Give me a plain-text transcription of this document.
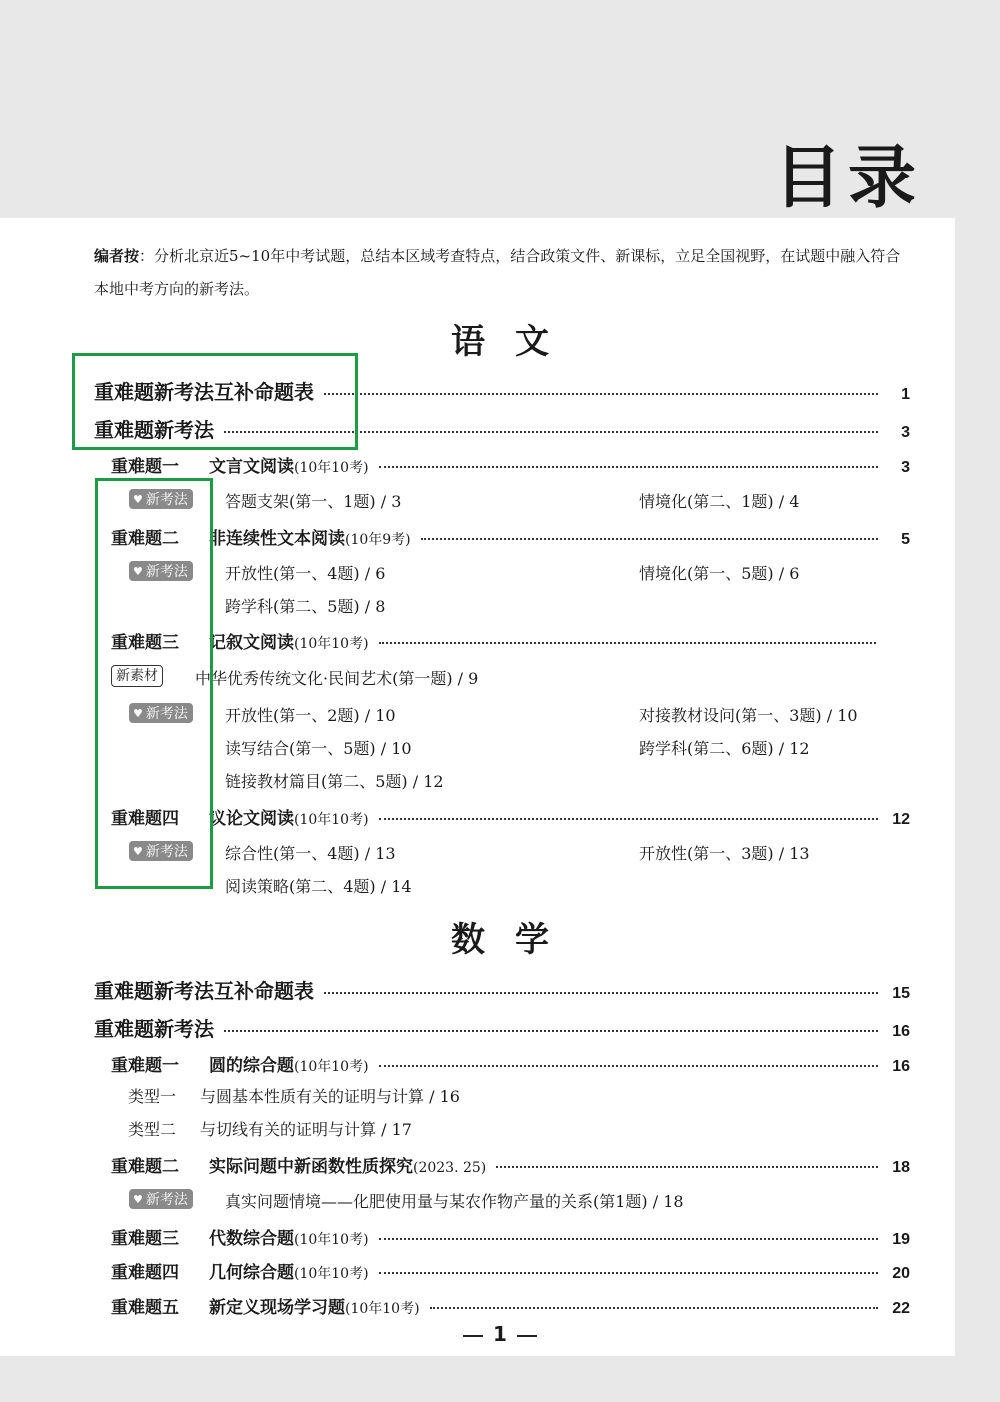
目录
编者按：分析北京近5~10年中考试题，总结本区域考查特点，结合政策文件、新课标，立足全国视野，在试题中融入符合本地中考方向的新考法。
语文
重难题新考法互补命题表	1
重难题新考法	3
重难题一	文言文阅读 (10年10考)	3
♥ 新考法 答题支架(第一、1题) / 3	情境化(第二、1题) / 4
重难题二	非连续性文本阅读 (10年9考)	5
♥ 新考法 开放性(第一、4题) / 6	情境化(第一、5题) / 6
跨学科(第二、5题) / 8
重难题三	记叙文阅读 (10年10考)
新素材	中华优秀传统文化·民间艺术(第一题) / 9
♥ 新考法 开放性(第一、2题) / 10	对接教材设问(第一、3题) / 10
读写结合(第一、5题) / 10	跨学科(第二、6题) / 12
链接教材篇目(第二、5题) / 12
重难题四	议论文阅读 (10年10考)	12
♥ 新考法 综合性(第一、4题) / 13	开放性(第一、3题) / 13
阅读策略(第二、4题) / 14
数学
重难题新考法互补命题表	15
重难题新考法	16
重难题一	圆的综合题 (10年10考)	16
类型一	与圆基本性质有关的证明与计算 / 16
类型二	与切线有关的证明与计算 / 17
重难题二	实际问题中新函数性质探究 (2023. 25)	18
♥ 新考法 真实问题情境——化肥使用量与某农作物产量的关系(第1题) / 18
重难题三	代数综合题 (10年10考)	19
重难题四	几何综合题 (10年10考)	20
重难题五	新定义现场学习题 (10年10考)	22
1
